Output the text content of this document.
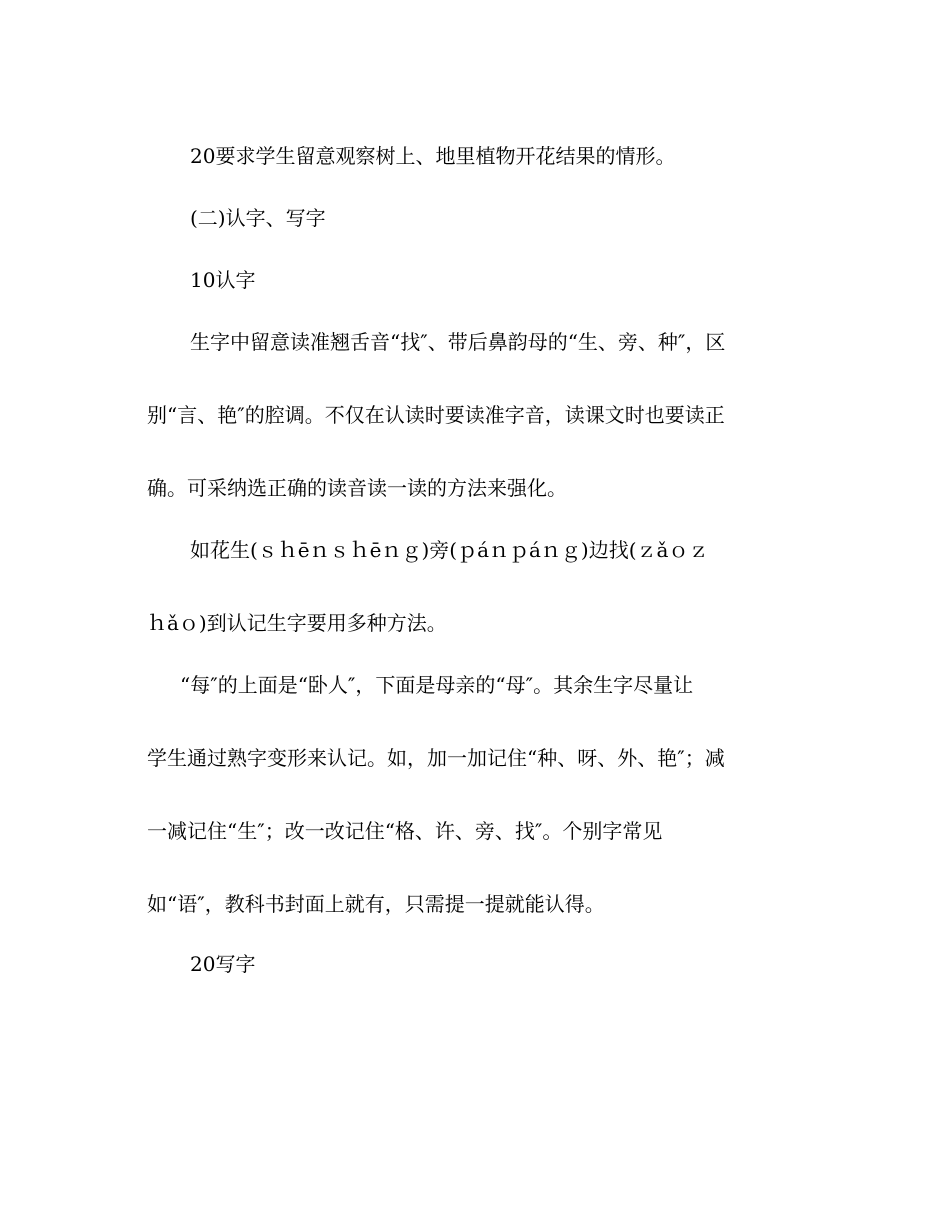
20要求学生留意观察树上、地里植物开花结果的情形。
(二)认字、写字
10认字
生字中留意读准翘舌音“找″、带后鼻韵母的“生、旁、种″，区
别“言、艳″的腔调。不仅在认读时要读准字音，读课文时也要读正
确。可采纳选正确的读音读一读的方法来强化。
如花生(ｓｈēｎｓｈēｎｇ)旁(ｐáｎｐáｎｇ)边找(ｚǎｏｚ
ｈǎｏ)到认记生字要用多种方法。
“每″的上面是“卧人″，下面是母亲的“母″。其余生字尽量让
学生通过熟字变形来认记。如，加一加记住“种、呀、外、艳″；减
一减记住“生″；改一改记住“格、许、旁、找″。个别字常见
如“语″，教科书封面上就有，只需提一提就能认得。
20写字
